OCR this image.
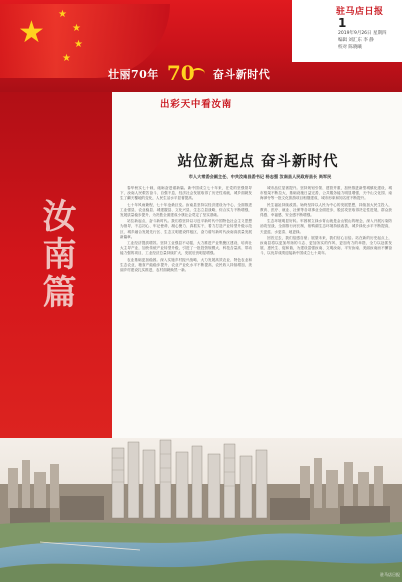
★
★
★
★
★
驻马店日报
1
2019年9月26日 星期四
编辑 刘汇东 李 静
校对 陈晓曦
壮丽70年 70 奋斗新时代
出彩天中看汝南
汝南篇
站位新起点 奋斗新时代
市人大常委会副主任、中共汝南县委书记 杨志强 汝南县人民政府县长 尚军民

春华秋实七十载，砥砺奋进谱新篇。新中国成立七十年来，在党的坚强领导下，汝南人民艰苦奋斗、自强不息，经济社会发展取得了历史性成就，城乡面貌发生了翻天覆地的变化，人民生活水平显著提高。

七十年风雨兼程，七十年沧桑巨变。汝南县坚持以经济建设为中心，全面推进工业强县、农业稳县、城建靓县、文化兴县、生态立县战略，综合实力不断增强，发展质量稳步提升，为决胜全面建成小康社会奠定了坚实基础。

站位新起点，奋斗新时代。我们将坚持以习近平新时代中国特色社会主义思想为指导，不忘初心、牢记使命，凝心聚力、真抓实干，着力打造产业转型升级示范区、城乡融合发展先行区、生态文明建设样板区，奋力谱写新时代汝南高质量发展新篇章。

工业经济提质增效。坚持工业强县不动摇，大力推进产业集聚区建设，培育壮大主导产业，加快传统产业转型升级，引进了一批投资规模大、科技含量高、带动能力强的项目，工业经济总量持续扩大，发展后劲明显增强。

农业基础更加稳固。深入实施乡村振兴战略，大力发展高效农业、特色农业和生态农业，粮食产能稳步提升，农业产业化水平不断提高，农民收入持续增加，美丽乡村建设扎实推进，农村面貌焕然一新。

城市品位显著提升。坚持规划引领、建管并重，加快推进新型城镇化建设，城市框架不断拉大，基础设施日益完善，公共服务能力明显增强，天中山文化园、南海禅寺等一批文化旅游项目相继建成，城市形象和知名度不断提升。

民生福祉持续改善。始终坚持以人民为中心的发展思想，持续加大民生投入，教育、医疗、就业、社保等各项事业全面进步，脱贫攻坚取得决定性进展，群众获得感、幸福感、安全感不断增强。

生态环境明显好转。牢固树立绿水青山就是金山银山的理念，深入开展污染防治攻坚战，全面推行河长制，宿鸭湖生态环境持续改善，城乡绿化水平不断提高，天更蓝、水更清、地更绿。

回首过去，我们倍感自豪；展望未来，我们信心百倍。站在新的历史起点上，汝南县将以更加昂扬的斗志、更加务实的作风、更加有力的举措，全力以赴抓发展、惠民生、促和谐，为建设富强汝南、文明汝南、平安汝南、美丽汝南而不懈奋斗，以优异成绩迎接新中国成立七十周年。

驻马店日报
